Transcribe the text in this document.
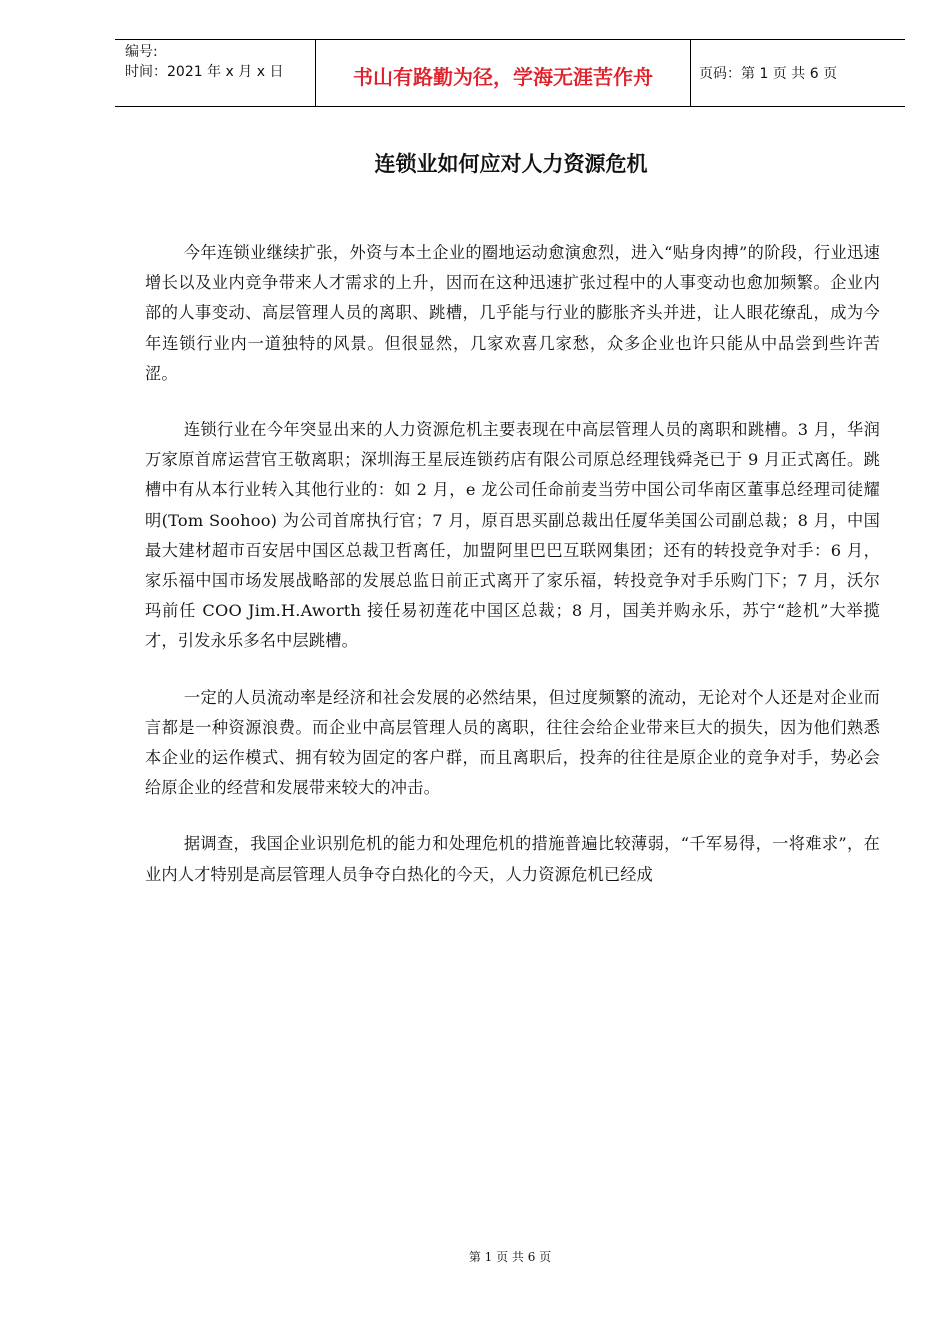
编号:
时间：2021 年 x 月 x 日	书山有路勤为径，学海无涯苦作舟	页码：第 1 页 共 6 页
连锁业如何应对人力资源危机

今年连锁业继续扩张，外资与本土企业的圈地运动愈演愈烈，进入“贴身肉搏”的阶段，行业迅速增长以及业内竞争带来人才需求的上升，因而在这种迅速扩张过程中的人事变动也愈加频繁。企业内部的人事变动、高层管理人员的离职、跳槽，几乎能与行业的膨胀齐头并进，让人眼花缭乱，成为今年连锁行业内一道独特的风景。但很显然，几家欢喜几家愁，众多企业也许只能从中品尝到些许苦涩。

连锁行业在今年突显出来的人力资源危机主要表现在中高层管理人员的离职和跳槽。3 月，华润万家原首席运营官王敬离职；深圳海王星辰连锁药店有限公司原总经理钱舜尧已于 9 月正式离任。跳槽中有从本行业转入其他行业的：如 2 月，e 龙公司任命前麦当劳中国公司华南区董事总经理司徒耀明(Tom Soohoo) 为公司首席执行官；7 月，原百思买副总裁出任厦华美国公司副总裁；8 月，中国最大建材超市百安居中国区总裁卫哲离任，加盟阿里巴巴互联网集团；还有的转投竞争对手：6 月，家乐福中国市场发展战略部的发展总监日前正式离开了家乐福，转投竞争对手乐购门下；7 月，沃尔玛前任 COO Jim.H.Aworth 接任易初莲花中国区总裁；8 月，国美并购永乐，苏宁“趁机”大举揽才，引发永乐多名中层跳槽。

一定的人员流动率是经济和社会发展的必然结果，但过度频繁的流动，无论对个人还是对企业而言都是一种资源浪费。而企业中高层管理人员的离职，往往会给企业带来巨大的损失，因为他们熟悉本企业的运作模式、拥有较为固定的客户群，而且离职后，投奔的往往是原企业的竞争对手，势必会给原企业的经营和发展带来较大的冲击。

据调查，我国企业识别危机的能力和处理危机的措施普遍比较薄弱，“千军易得，一将难求”，在业内人才特别是高层管理人员争夺白热化的今天，人力资源危机已经成

第 1 页 共 6 页
